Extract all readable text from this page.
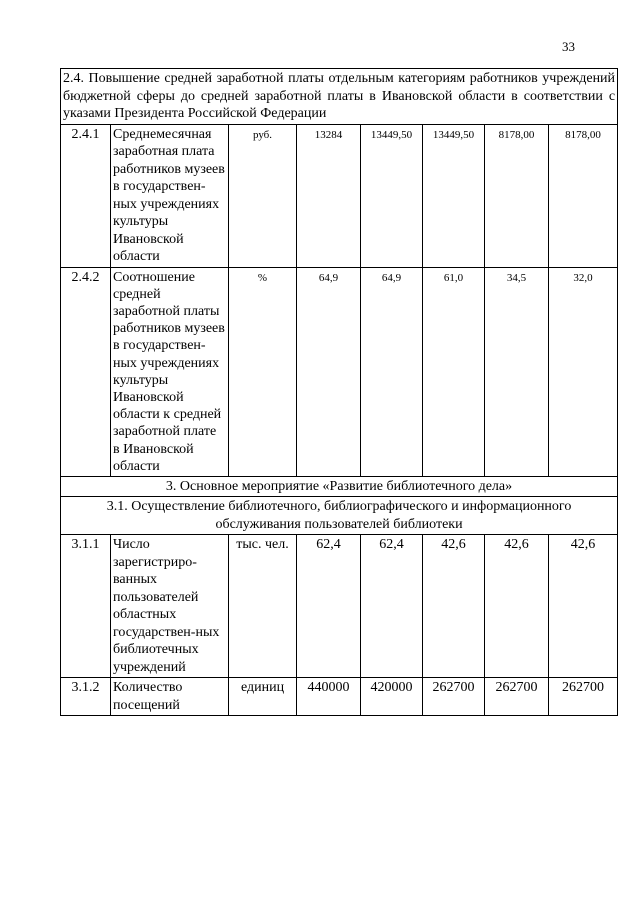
33
2.4. Повышение средней заработной платы отдельным категориям работников учреждений бюджетной сферы до средней заработной платы в Ивановской области в соответствии с указами Президента Российской Федерации							
2.4.1	Среднемесячная заработная плата работников музеев в государствен-ных учреждениях культуры Ивановской области	руб.	13284	13449,50	13449,50	8178,00	8178,00
2.4.2	Соотношение средней заработной платы работников музеев в государствен-ных учреждениях культуры Ивановской области к средней заработной плате в Ивановской области	%	64,9	64,9	61,0	34,5	32,0
3. Основное мероприятие «Развитие библиотечного дела»							
3.1. Осуществление библиотечного, библиографического и информационного обслуживания пользователей библиотеки							
3.1.1	Число зарегистриро-ванных пользователей областных государствен-ных библиотечных учреждений	тыс. чел.	62,4	62,4	42,6	42,6	42,6
3.1.2	Количество посещений	единиц	440000	420000	262700	262700	262700
